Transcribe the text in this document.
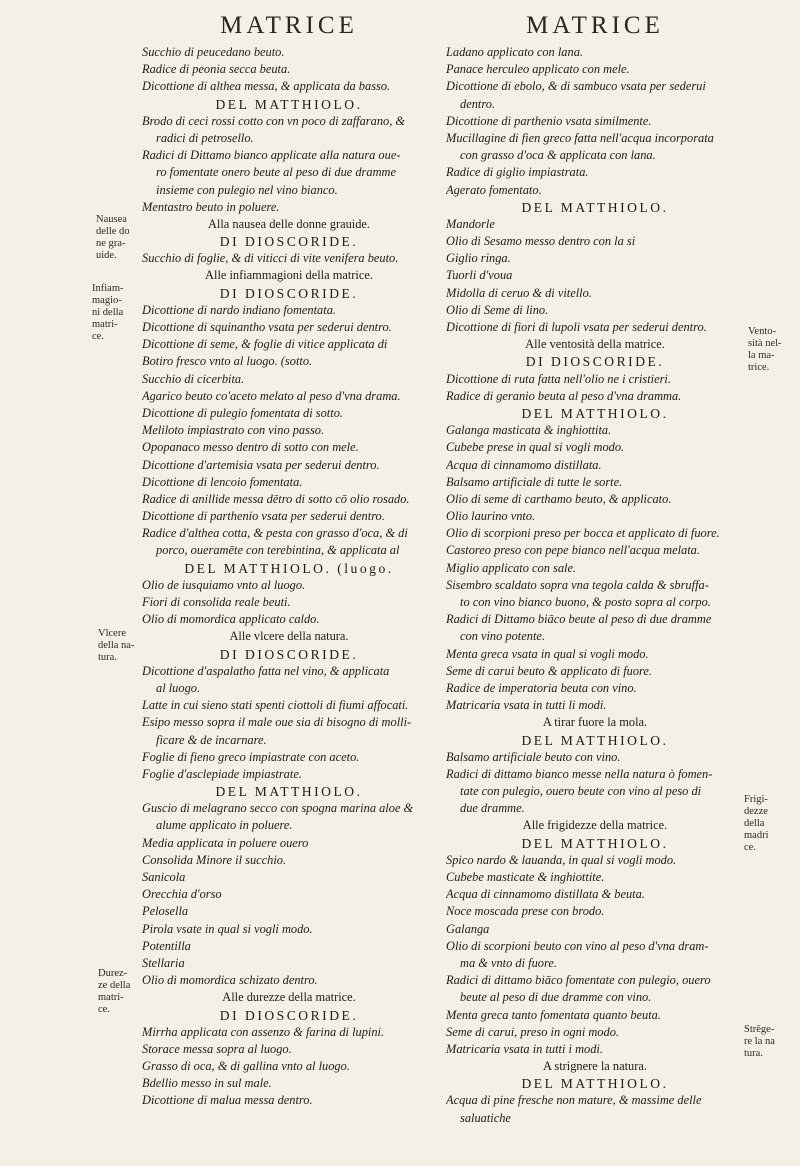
MATRICE
Succhio di peucedano beuto.
Radice di peonia secca beuta.
Dicottione di althea messa, & applicata da basso.
DEL MATTHIOLO.
Brodo di ceci rossi cotto con vn poco di zaffarano, &
radici di petrosello.
Radici di Dittamo bianco applicate alla natura oue-
ro fomentate onero beute al peso di due dramme
insieme con pulegio nel vino bianco.
Mentastro beuto in poluere.
Alla nausea delle donne grauide.
DI DIOSCORIDE.
Succhio di foglie, & di viticci di vite venifera beuto.
Alle infiammagioni della matrice.
DI DIOSCORIDE.
Dicottione di nardo indiano fomentata.
Dicottione di squinantho vsata per sederui dentro.
Dicottione di seme, & foglie di vitice applicata di
Botiro fresco vnto al luogo. (sotto.
Succhio di cicerbita.
Agarico beuto co'aceto melato al peso d'vna drama.
Dicottione di pulegio fomentata di sotto.
Meliloto impiastrato con vino passo.
Opopanaco messo dentro di sotto con mele.
Dicottione d'artemisia vsata per sederui dentro.
Dicottione di lencoio fomentata.
Radice di anillide messa dētro di sotto cō olio rosado.
Dicottione di parthenio vsata per sederui dentro.
Radice d'althea cotta, & pesta con grasso d'oca, & di
porco, oueramēte con terebintina, & applicata al
DEL MATTHIOLO. (luogo.
Olio de iusquiamo vnto al luogo.
Fiori di consolida reale beuti.
Olio di momordica applicato caldo.
Alle vlcere della natura.
DI DIOSCORIDE.
Dicottione d'aspalatho fatta nel vino, & applicata
al luogo.
Latte in cui sieno stati spenti ciottoli di fiumi affocati.
Esipo messo sopra il male oue sia di bisogno di molli-
ficare & de incarnare.
Foglie di fieno greco impiastrate con aceto.
Foglie d'asclepiade impiastrate.
DEL MATTHIOLO.
Guscio di melagrano secco con spogna marina aloe &
alume applicato in poluere.
Media applicata in poluere ouero
Consolida Minore il succhio.
Sanicola
Orecchia d'orso
Pelosella
Pirola vsate in qual si vogli modo.
Potentilla
Stellaria
Olio di momordica schizato dentro.
Alle durezze della matrice.
DI DIOSCORIDE.
Mirrha applicata con assenzo & farina di lupini.
Storace messa sopra al luogo.
Grasso di oca, & di gallina vnto al luogo.
Bdellio messo in sul male.
Dicottione di malua messa dentro.
MATRICE
Ladano applicato con lana.
Panace herculeo applicato con mele.
Dicottione di ebolo, & di sambuco vsata per sederui
dentro.
Dicottione di parthenio vsata similmente.
Mucillagine di fien greco fatta nell'acqua incorporata
con grasso d'oca & applicata con lana.
Radice di giglio impiastrata.
Agerato fomentato.
DEL MATTHIOLO.
Mandorle
Olio di Sesamo messo dentro con la si
Giglio ringa.
Tuorli d'voua
Midolla di ceruo & di vitello.
Olio di Seme di lino.
Dicottione di fiori di lupoli vsata per sederui dentro.
Alle ventosità della matrice.
DI DIOSCORIDE.
Dicottione di ruta fatta nell'olio ne i cristieri.
Radice di geranio beuta al peso d'vna dramma.
DEL MATTHIOLO.
Galanga masticata & inghiottita.
Cubebe prese in qual si vogli modo.
Acqua di cinnamomo distillata.
Balsamo artificiale di tutte le sorte.
Olio di seme di carthamo beuto, & applicato.
Olio laurino vnto.
Olio di scorpioni preso per bocca et applicato di fuore.
Castoreo preso con pepe bianco nell'acqua melata.
Miglio applicato con sale.
Sisembro scaldato sopra vna tegola calda & sbruffa-
to con vino bianco buono, & posto sopra al corpo.
Radici di Dittamo biāco beute al peso di due dramme
con vino potente.
Menta greca vsata in qual si vogli modo.
Seme di carui beuto & applicato di fuore.
Radice de imperatoria beuta con vino.
Matricaria vsata in tutti li modi.
A tirar fuore la mola.
DEL MATTHIOLO.
Balsamo artificiale beuto con vino.
Radici di dittamo bianco messe nella natura ò fomen-
tate con pulegio, ouero beute con vino al peso di
due dramme.
Alle frigidezze della matrice.
DEL MATTHIOLO.
Spico nardo & lauanda, in qual si vogli modo.
Cubebe masticate & inghiottite.
Acqua di cinnamomo distillata & beuta.
Noce moscada prese con brodo.
Galanga
Olio di scorpioni beuto con vino al peso d'vna dram-
ma & vnto di fuore.
Radici di dittamo biāco fomentate con pulegio, ouero
beute al peso di due dramme con vino.
Menta greca tanto fomentata quanto beuta.
Seme di carui, preso in ogni modo.
Matricaria vsata in tutti i modi.
A strignere la natura.
DEL MATTHIOLO.
Acqua di pine fresche non mature, & massime delle
saluatiche
Nausea
delle do
ne gra-
uide.
Infiam-
magio-
ni della
matri-
ce.
Vlcere
della na-
tura.
Durez-
ze della
matri-
ce.
Vento-
sità nel-
la ma-
trice.
Frigi-
dezze
della
madri
ce.
Strēge-
re la na
tura.
